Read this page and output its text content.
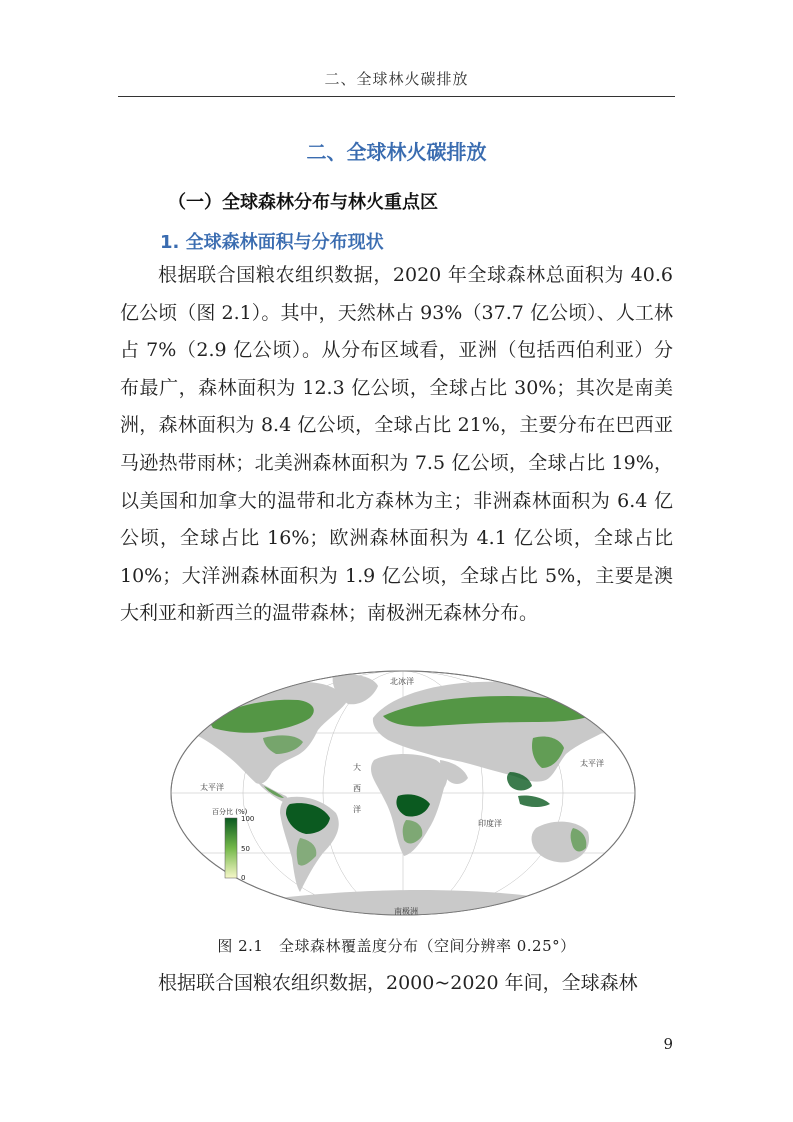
二、全球林火碳排放
二、全球林火碳排放
（一）全球森林分布与林火重点区
1. 全球森林面积与分布现状

根据联合国粮农组织数据，2020 年全球森林总面积为 40.6 亿公顷（图 2.1）。其中，天然林占 93%（37.7 亿公顷）、人工林占 7%（2.9 亿公顷）。从分布区域看，亚洲（包括西伯利亚）分布最广，森林面积为 12.3 亿公顷，全球占比 30%；其次是南美洲，森林面积为 8.4 亿公顷，全球占比 21%，主要分布在巴西亚马逊热带雨林；北美洲森林面积为 7.5 亿公顷，全球占比 19%，以美国和加拿大的温带和北方森林为主；非洲森林面积为 6.4 亿公顷，全球占比 16%；欧洲森林面积为 4.1 亿公顷，全球占比 10%；大洋洲森林面积为 1.9 亿公顷，全球占比 5%，主要是澳大利亚和新西兰的温带森林；南极洲无森林分布。

北冰洋
太平洋
太平洋
大
西
洋
印度洋
南极洲
百分比 (%)
100
50
0
图 2.1　全球森林覆盖度分布（空间分辨率 0.25°）

根据联合国粮农组织数据，2000~2020 年间，全球森林

9
